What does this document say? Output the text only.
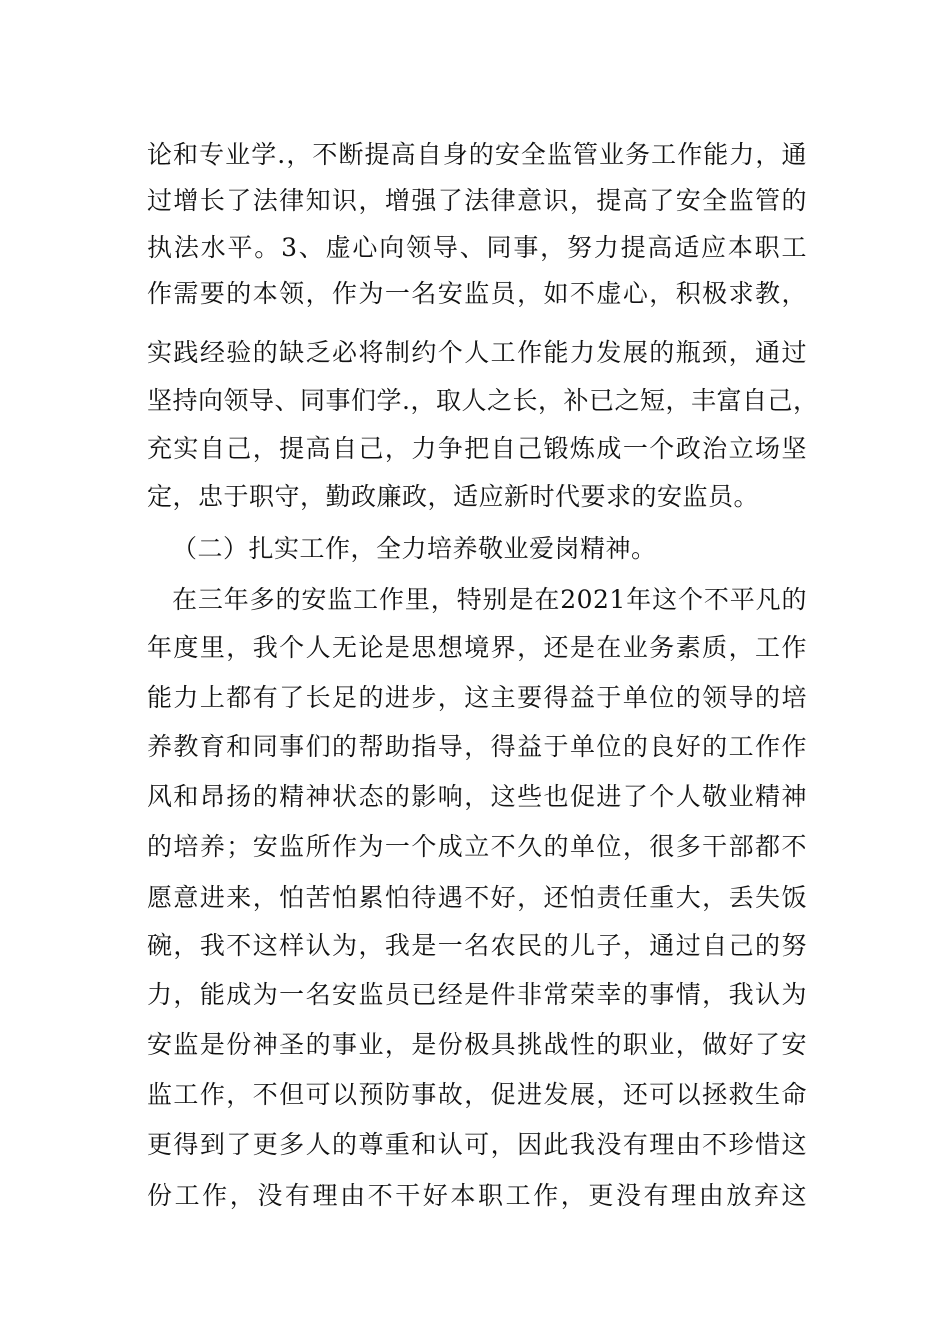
论和专业学.，不断提高自身的安全监管业务工作能力，通
过增长了法律知识，增强了法律意识，提高了安全监管的
执法水平。3、虚心向领导、同事，努力提高适应本职工
作需要的本领，作为一名安监员，如不虚心，积极求教，
实践经验的缺乏必将制约个人工作能力发展的瓶颈，通过
坚持向领导、同事们学.，取人之长，补已之短，丰富自己，
充实自己，提高自己，力争把自己锻炼成一个政治立场坚
定，忠于职守，勤政廉政，适应新时代要求的安监员。
（二）扎实工作，全力培养敬业爱岗精神。
在三年多的安监工作里，特别是在2021年这个不平凡的
年度里，我个人无论是思想境界，还是在业务素质，工作
能力上都有了长足的进步，这主要得益于单位的领导的培
养教育和同事们的帮助指导，得益于单位的良好的工作作
风和昂扬的精神状态的影响，这些也促进了个人敬业精神
的培养；安监所作为一个成立不久的单位，很多干部都不
愿意进来，怕苦怕累怕待遇不好，还怕责任重大，丢失饭
碗，我不这样认为，我是一名农民的儿子，通过自己的努
力，能成为一名安监员已经是件非常荣幸的事情，我认为
安监是份神圣的事业，是份极具挑战性的职业，做好了安
监工作，不但可以预防事故，促进发展，还可以拯救生命
更得到了更多人的尊重和认可，因此我没有理由不珍惜这
份工作，没有理由不干好本职工作，更没有理由放弃这
